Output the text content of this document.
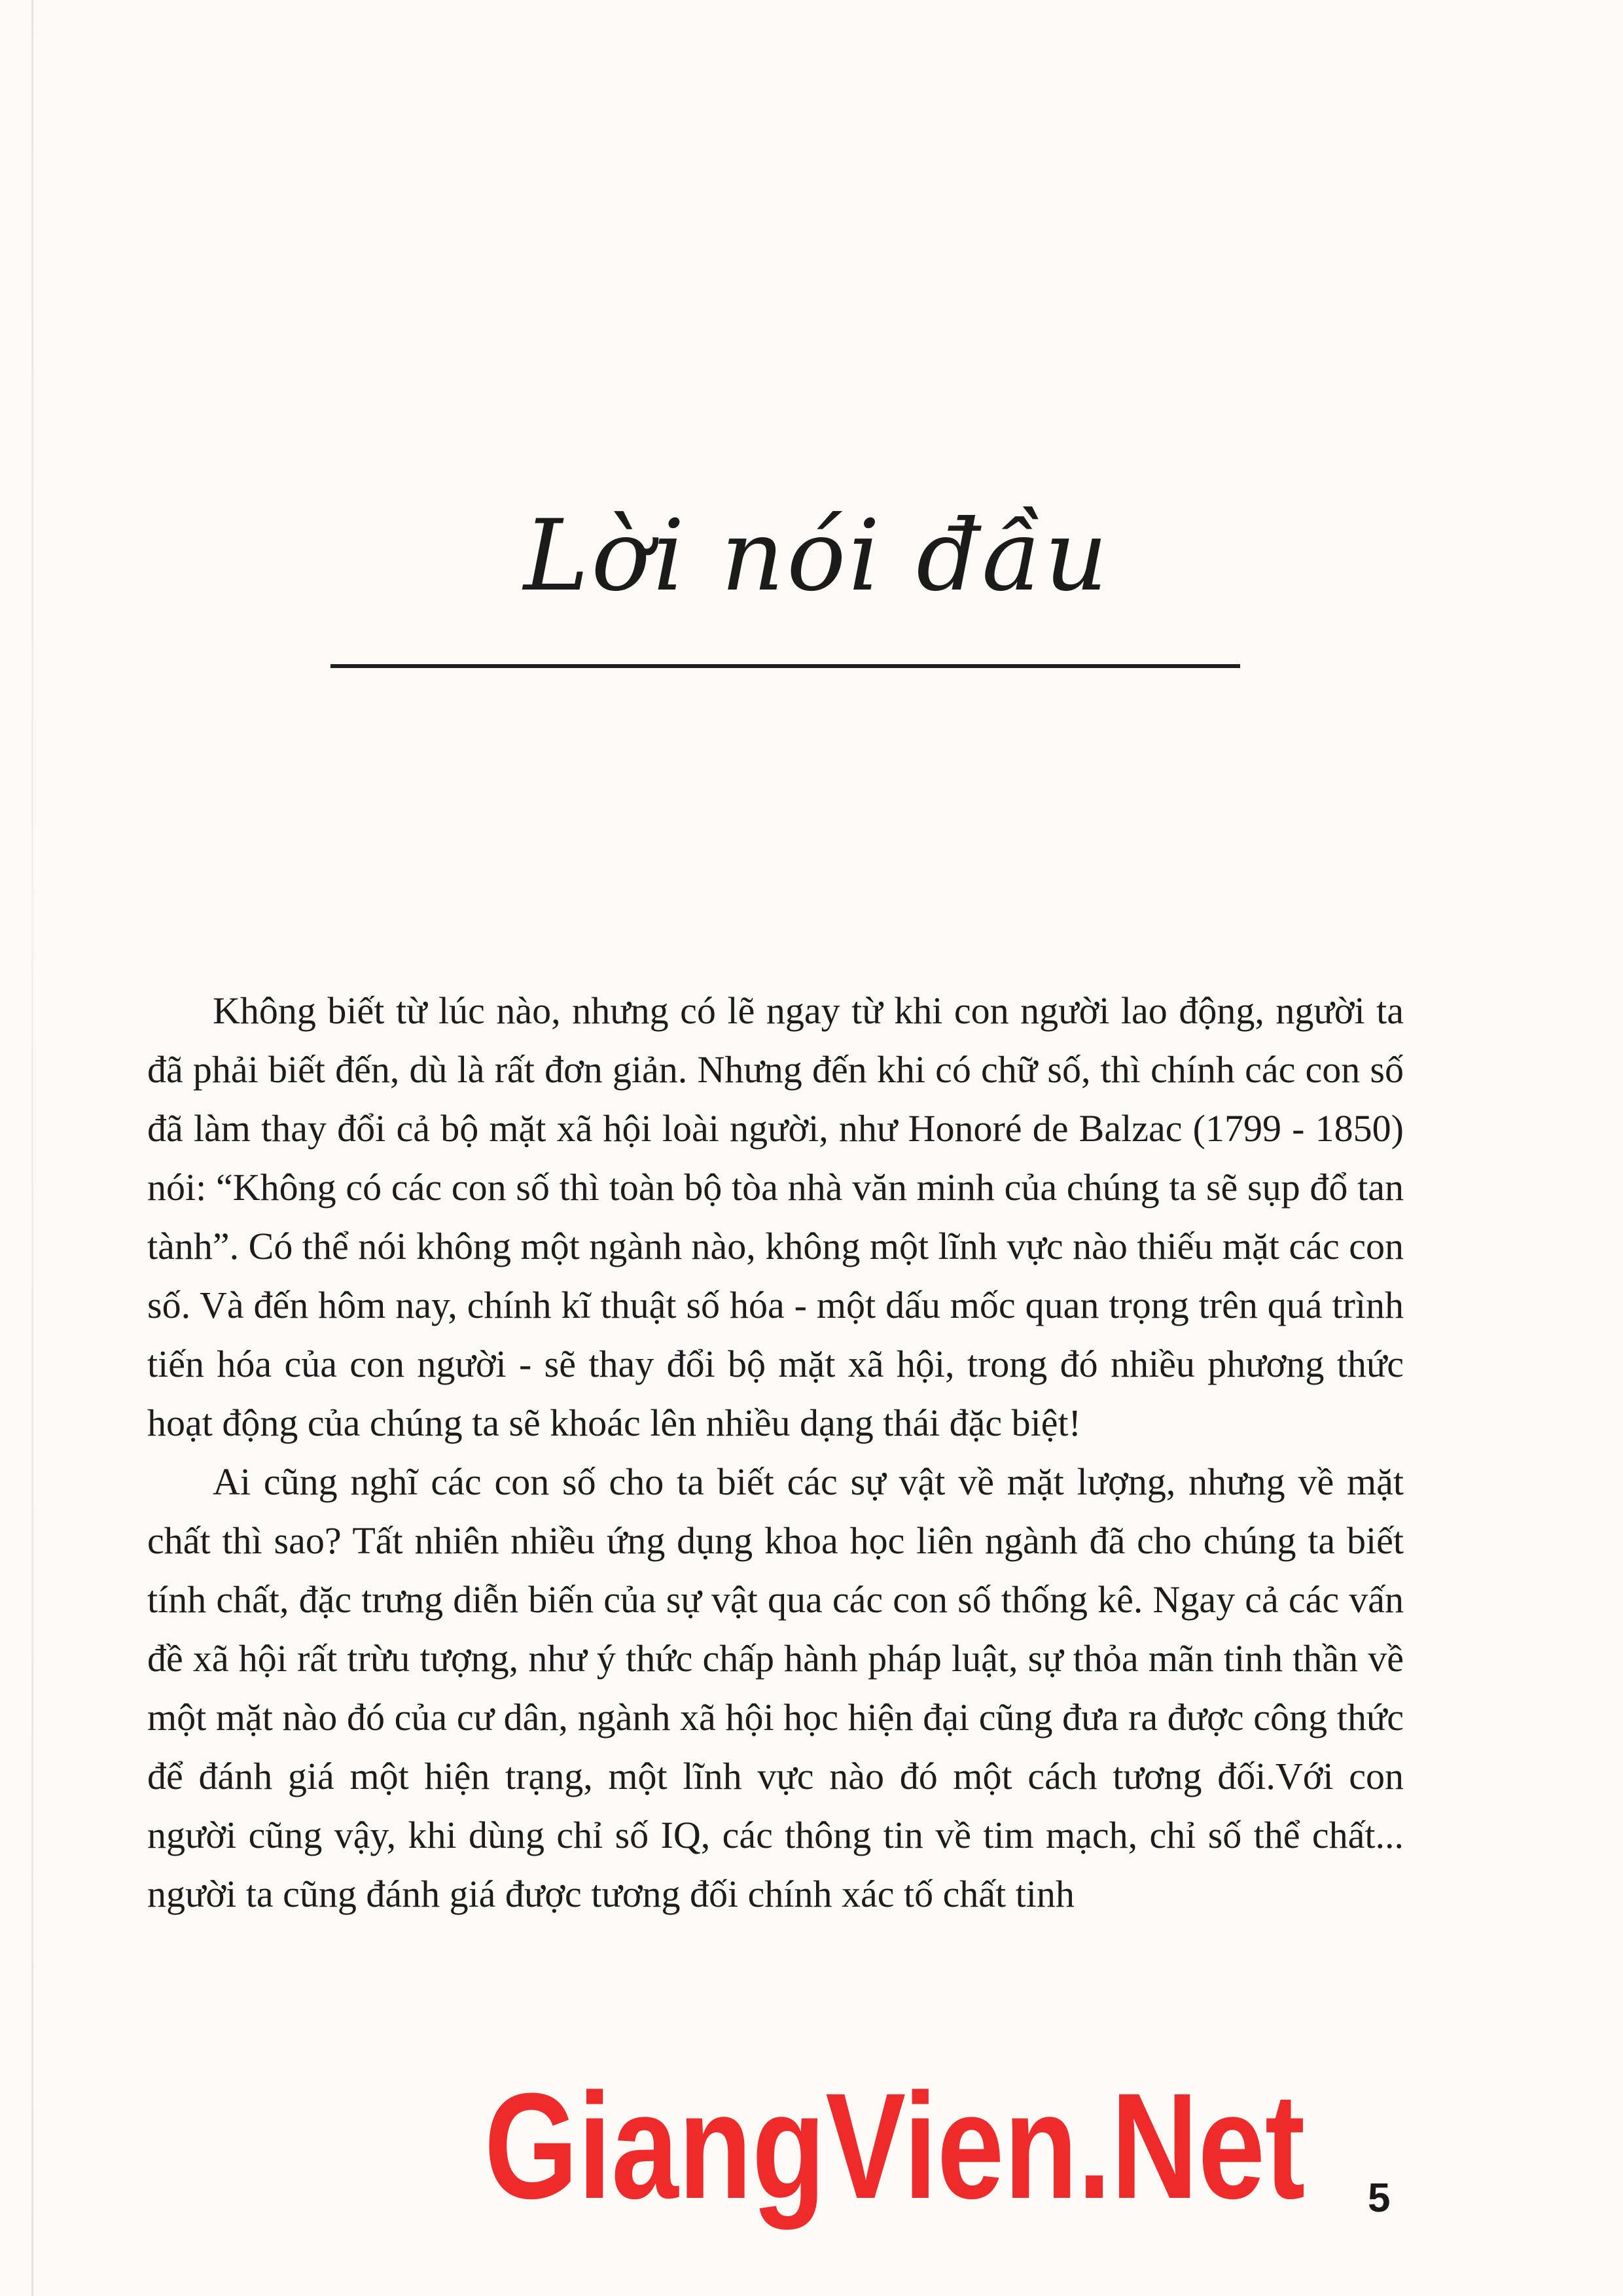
Lời nói đầu

Không biết từ lúc nào, nhưng có lẽ ngay từ khi con người lao động, người ta đã phải biết đến, dù là rất đơn giản. Nhưng đến khi có chữ số, thì chính các con số đã làm thay đổi cả bộ mặt xã hội loài người, như Honoré de Balzac (1799 - 1850) nói: “Không có các con số thì toàn bộ tòa nhà văn minh của chúng ta sẽ sụp đổ tan tành”. Có thể nói không một ngành nào, không một lĩnh vực nào thiếu mặt các con số. Và đến hôm nay, chính kĩ thuật số hóa - một dấu mốc quan trọng trên quá trình tiến hóa của con người - sẽ thay đổi bộ mặt xã hội, trong đó nhiều phương thức hoạt động của chúng ta sẽ khoác lên nhiều dạng thái đặc biệt!

Ai cũng nghĩ các con số cho ta biết các sự vật về mặt lượng, nhưng về mặt chất thì sao? Tất nhiên nhiều ứng dụng khoa học liên ngành đã cho chúng ta biết tính chất, đặc trưng diễn biến của sự vật qua các con số thống kê. Ngay cả các vấn đề xã hội rất trừu tượng, như ý thức chấp hành pháp luật, sự thỏa mãn tinh thần về một mặt nào đó của cư dân, ngành xã hội học hiện đại cũng đưa ra được công thức để đánh giá một hiện trạng, một lĩnh vực nào đó một cách tương đối.Với con người cũng vậy, khi dùng chỉ số IQ, các thông tin về tim mạch, chỉ số thể chất... người ta cũng đánh giá được tương đối chính xác tố chất tinh

GiangVien.Net 5
